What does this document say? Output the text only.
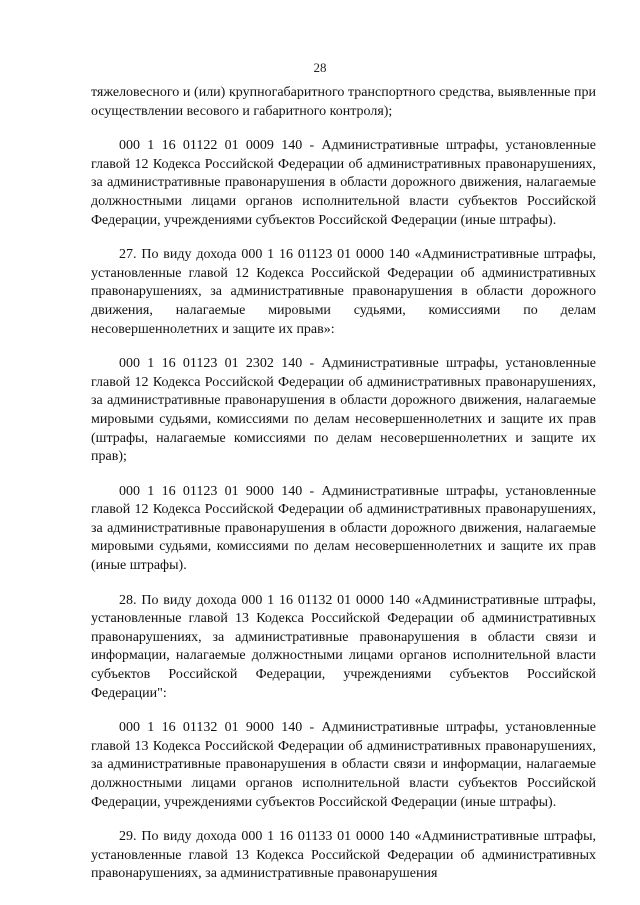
28

тяжеловесного и (или) крупногабаритного транспортного средства, выявленные при осуществлении весового и габаритного контроля);

000 1 16 01122 01 0009 140 - Административные штрафы, установленные главой 12 Кодекса Российской Федерации об административных правонарушениях, за административные правонарушения в области дорожного движения, налагаемые должностными лицами органов исполнительной власти субъектов Российской Федерации, учреждениями субъектов Российской Федерации (иные штрафы).

27. По виду дохода 000 1 16 01123 01 0000 140 «Административные штрафы, установленные главой 12 Кодекса Российской Федерации об административных правонарушениях, за административные правонарушения в области дорожного движения, налагаемые мировыми судьями, комиссиями по делам несовершеннолетних и защите их прав»:

000 1 16 01123 01 2302 140 - Административные штрафы, установленные главой 12 Кодекса Российской Федерации об административных правонарушениях, за административные правонарушения в области дорожного движения, налагаемые мировыми судьями, комиссиями по делам несовершеннолетних и защите их прав (штрафы, налагаемые комиссиями по делам несовершеннолетних и защите их прав);

000 1 16 01123 01 9000 140 - Административные штрафы, установленные главой 12 Кодекса Российской Федерации об административных правонарушениях, за административные правонарушения в области дорожного движения, налагаемые мировыми судьями, комиссиями по делам несовершеннолетних и защите их прав (иные штрафы).

28. По виду дохода 000 1 16 01132 01 0000 140 «Административные штрафы, установленные главой 13 Кодекса Российской Федерации об административных правонарушениях, за административные правонарушения в области связи и информации, налагаемые должностными лицами органов исполнительной власти субъектов Российской Федерации, учреждениями субъектов Российской Федерации":

000 1 16 01132 01 9000 140 - Административные штрафы, установленные главой 13 Кодекса Российской Федерации об административных правонарушениях, за административные правонарушения в области связи и информации, налагаемые должностными лицами органов исполнительной власти субъектов Российской Федерации, учреждениями субъектов Российской Федерации (иные штрафы).

29. По виду дохода 000 1 16 01133 01 0000 140 «Административные штрафы, установленные главой 13 Кодекса Российской Федерации об административных правонарушениях, за административные правонарушения
